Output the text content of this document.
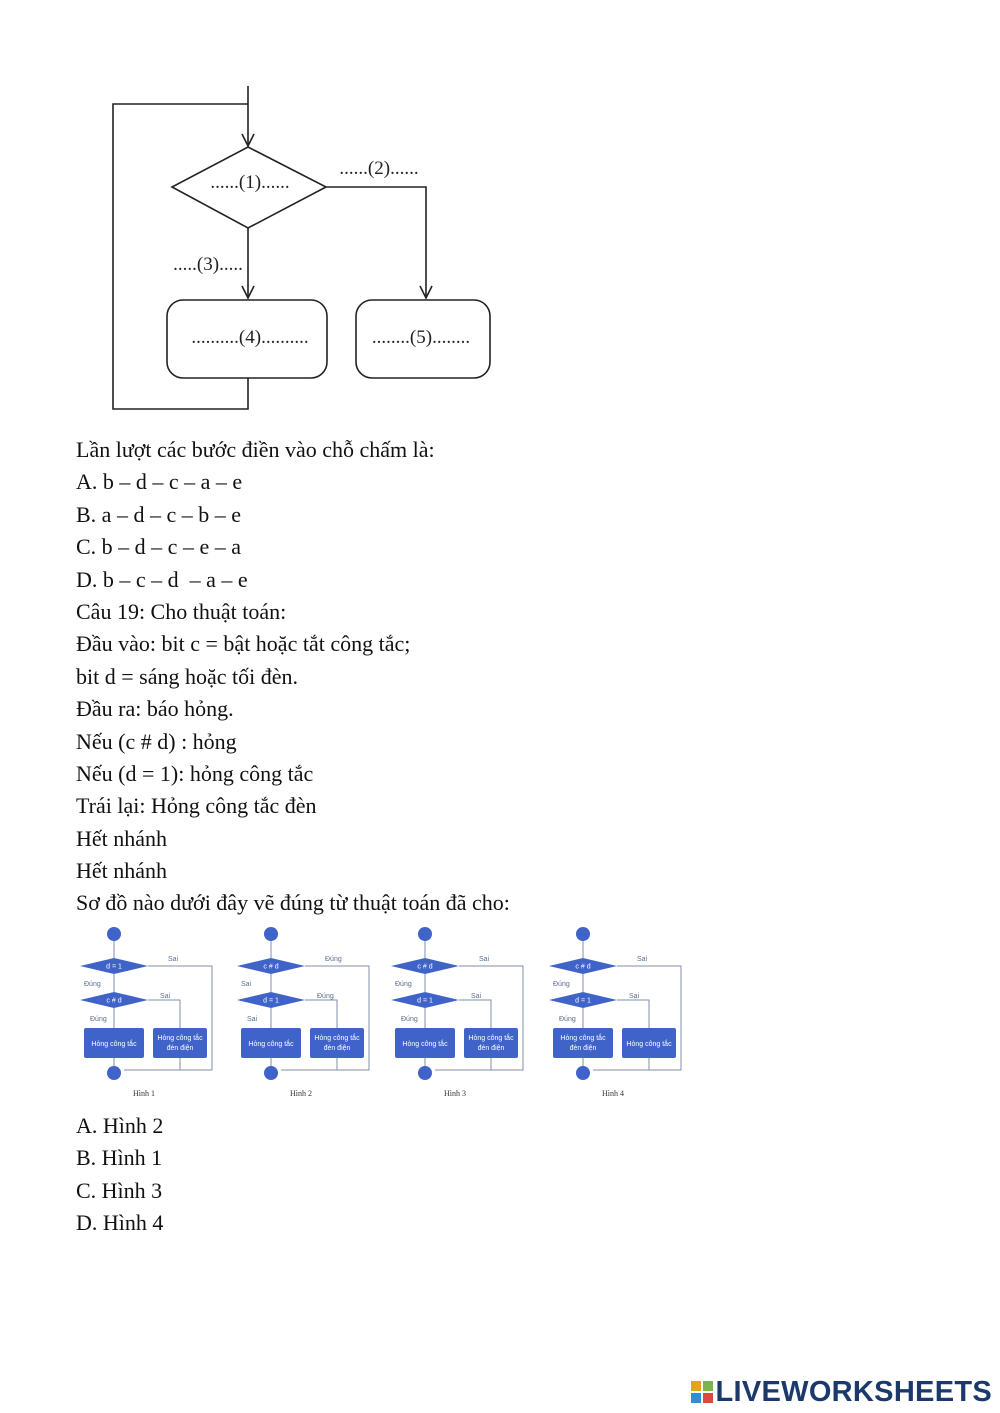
......(1)......
......(2)......
.....(3).....
..........(4)..........	........(5)........
Lần lượt các bước điền vào chỗ chấm là:
A. b – d – c – a – e
B. a – d – c – b – e
C. b – d – c – e – a
D. b – c – d  – a – e
Câu 19: Cho thuật toán:
Đầu vào: bit c = bật hoặc tắt công tắc;
bit d = sáng hoặc tối đèn.
Đầu ra: báo hỏng.
Nếu (c # d) : hỏng
Nếu (d = 1): hỏng công tắc
Trái lại: Hỏng công tắc đèn
Hết nhánh
Hết nhánh
Sơ đồ nào dưới đây vẽ đúng từ thuật toán đã cho:
d = 1
c # d
Sai
Đúng
Sai
Đúng
Hỏng công tắc
Hỏng công tắc
đèn điện
Hình 1
c # d
d = 1
Đúng
Sai
Đúng
Sai
Hỏng công tắc
Hỏng công tắc
đèn điện
Hình 2
c # d
d = 1
Sai
Đúng
Sai
Đúng
Hỏng công tắc
Hỏng công tắc
đèn điện
Hình 3
c # d
d = 1
Sai
Đúng
Sai
Đúng
Hỏng công tắc
đèn điện
Hỏng công tắc
Hình 4
A. Hình 2
B. Hình 1
C. Hình 3
D. Hình 4
LIVEWORKSHEETS
